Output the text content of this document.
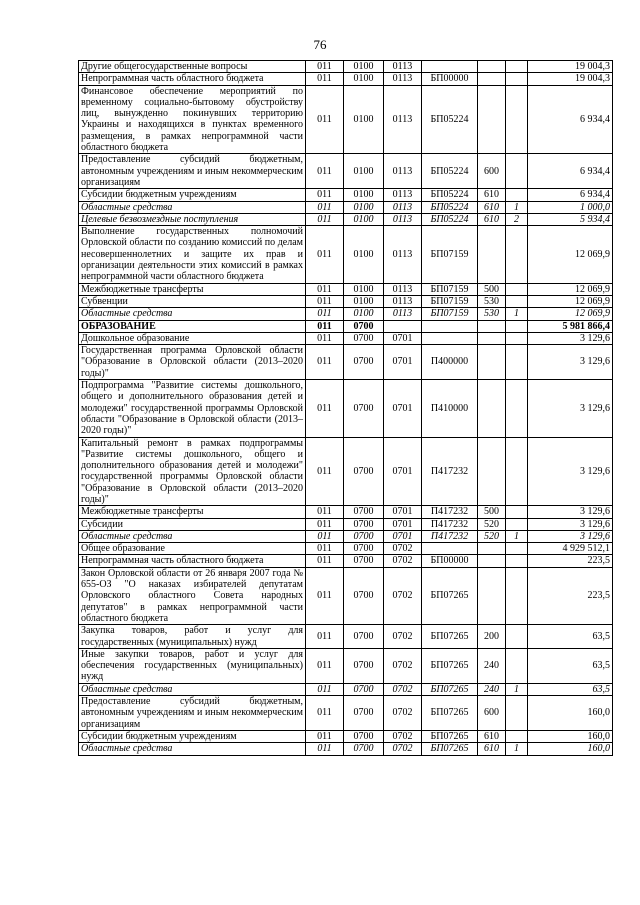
76
Другие общегосударственные вопросы	011	0100	0113				19 004,3
Непрограммная часть областного бюджета	011	0100	0113	БП00000			19 004,3
Финансовое обеспечение мероприятий по временному социально-бытовому обустройству лиц, вынужденно покинувших территорию Украины и находящихся в пунктах временного размещения, в рамках непрограммной части областного бюджета	011	0100	0113	БП05224			6 934,4
Предоставление субсидий бюджетным, автономным учреждениям и иным некоммерческим организациям	011	0100	0113	БП05224	600		6 934,4
Субсидии бюджетным учреждениям	011	0100	0113	БП05224	610		6 934,4
Областные средства	011	0100	0113	БП05224	610	1	1 000,0
Целевые безвозмездные поступления	011	0100	0113	БП05224	610	2	5 934,4
Выполнение государственных полномочий Орловской области по созданию комиссий по делам несовершеннолетних и защите их прав и организации деятельности этих комиссий в рамках непрограммной части областного бюджета	011	0100	0113	БП07159			12 069,9
Межбюджетные трансферты	011	0100	0113	БП07159	500		12 069,9
Субвенции	011	0100	0113	БП07159	530		12 069,9
Областные средства	011	0100	0113	БП07159	530	1	12 069,9
ОБРАЗОВАНИЕ	011	0700					5 981 866,4
Дошкольное образование	011	0700	0701				3 129,6
Государственная программа Орловской области "Образование в Орловской области (2013–2020 годы)"	011	0700	0701	П400000			3 129,6
Подпрограмма "Развитие системы дошкольного, общего и дополнительного образования детей и молодежи" государственной программы Орловской области "Образование в Орловской области (2013–2020 годы)"	011	0700	0701	П410000			3 129,6
Капитальный ремонт в рамках подпрограммы "Развитие системы дошкольного, общего и дополнительного образования детей и молодежи" государственной программы Орловской области "Образование в Орловской области (2013–2020 годы)"	011	0700	0701	П417232			3 129,6
Межбюджетные трансферты	011	0700	0701	П417232	500		3 129,6
Субсидии	011	0700	0701	П417232	520		3 129,6
Областные средства	011	0700	0701	П417232	520	1	3 129,6
Общее образование	011	0700	0702				4 929 512,1
Непрограммная часть областного бюджета	011	0700	0702	БП00000			223,5
Закон Орловской области от 26 января 2007 года № 655-ОЗ "О наказах избирателей депутатам Орловского областного Совета народных депутатов" в рамках непрограммной части областного бюджета	011	0700	0702	БП07265			223,5
Закупка товаров, работ и услуг для государственных (муниципальных) нужд	011	0700	0702	БП07265	200		63,5
Иные закупки товаров, работ и услуг для обеспечения государственных (муниципальных) нужд	011	0700	0702	БП07265	240		63,5
Областные средства	011	0700	0702	БП07265	240	1	63,5
Предоставление субсидий бюджетным, автономным учреждениям и иным некоммерческим организациям	011	0700	0702	БП07265	600		160,0
Субсидии бюджетным учреждениям	011	0700	0702	БП07265	610		160,0
Областные средства	011	0700	0702	БП07265	610	1	160,0
